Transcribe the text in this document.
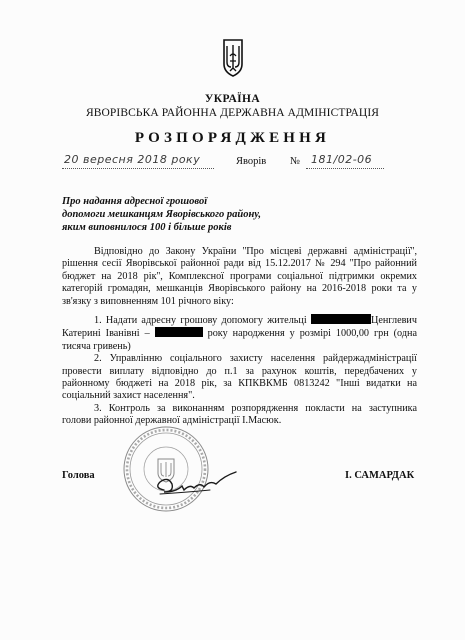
УКРАЇНА
ЯВОРІВСЬКА РАЙОННА ДЕРЖАВНА АДМІНІСТРАЦІЯ
РОЗПОРЯДЖЕННЯ
20 вересня 2018 року	Яворів № 181/02-06
Про надання адресної грошової
допомоги мешканцям Яворівського району,
яким виповнилося 100 і більше років

Відповідно до Закону України ''Про місцеві державні адміністрації'', рішення сесії Яворівської районної ради від 15.12.2017 № 294 ''Про районний бюджет на 2018 рік'', Комплексної програми соціальної підтримки окремих категорій громадян, мешканців Яворівського району на 2016-2018 роки та у зв'язку з виповненням 101 річного віку:

1. Надати адресну грошову допомогу жительці	Ценглевич Катерині Іванівні –	року народження у розмірі 1000,00 грн (одна тисяча гривень)

2. Управлінню соціального захисту населення райдержадміністрації провести виплату відповідно до п.1 за рахунок коштів, передбачених у районному бюджеті на 2018 рік, за КПКВКМБ 0813242 "Інші видатки на соціальний захист населення".

3. Контроль за виконанням розпорядження покласти на заступника голови районної державної адміністрації І.Масюк.

Голова	І. САМАРДАК
